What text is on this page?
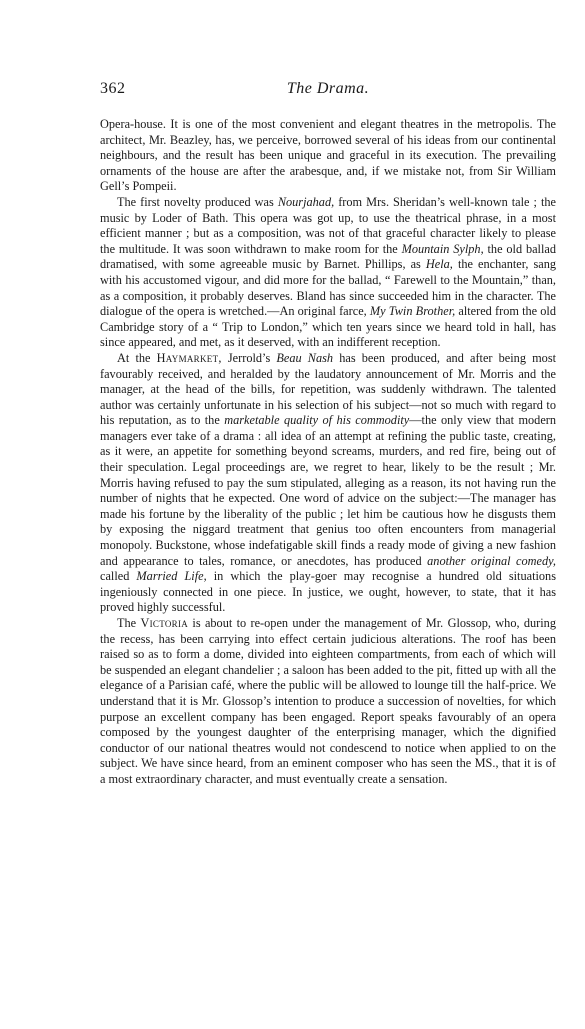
362	The Drama.

Opera-house. It is one of the most convenient and elegant theatres in the metropolis. The architect, Mr. Beazley, has, we perceive, borrowed several of his ideas from our continental neighbours, and the result has been unique and graceful in its execution. The prevailing ornaments of the house are after the arabesque, and, if we mistake not, from Sir William Gell’s Pompeii.

The first novelty produced was Nourjahad, from Mrs. Sheridan’s well-known tale ; the music by Loder of Bath. This opera was got up, to use the theatrical phrase, in a most efficient manner ; but as a composition, was not of that graceful character likely to please the multitude. It was soon withdrawn to make room for the Mountain Sylph, the old ballad dramatised, with some agreeable music by Barnet. Phillips, as Hela, the enchanter, sang with his accustomed vigour, and did more for the ballad, “ Farewell to the Mountain,” than, as a composition, it probably deserves. Bland has since succeeded him in the character. The dialogue of the opera is wretched.—An original farce, My Twin Brother, altered from the old Cambridge story of a “ Trip to London,” which ten years since we heard told in hall, has since appeared, and met, as it deserved, with an indifferent reception.

At the Haymarket, Jerrold’s Beau Nash has been produced, and after being most favourably received, and heralded by the laudatory announcement of Mr. Morris and the manager, at the head of the bills, for repetition, was suddenly withdrawn. The talented author was certainly unfortunate in his selection of his subject—not so much with regard to his reputation, as to the marketable quality of his commodity—the only view that modern managers ever take of a drama : all idea of an attempt at refining the public taste, creating, as it were, an appetite for something beyond screams, murders, and red fire, being out of their speculation. Legal proceedings are, we regret to hear, likely to be the result ; Mr. Morris having refused to pay the sum stipulated, alleging as a reason, its not having run the number of nights that he expected. One word of advice on the subject:—The manager has made his fortune by the liberality of the public ; let him be cautious how he disgusts them by exposing the niggard treatment that genius too often encounters from managerial monopoly. Buckstone, whose indefatigable skill finds a ready mode of giving a new fashion and appearance to tales, romance, or anecdotes, has produced another original comedy, called Married Life, in which the play-goer may recognise a hundred old situations ingeniously connected in one piece. In justice, we ought, however, to state, that it has proved highly successful.

The Victoria is about to re-open under the management of Mr. Glossop, who, during the recess, has been carrying into effect certain judicious alterations. The roof has been raised so as to form a dome, divided into eighteen compartments, from each of which will be suspended an elegant chandelier ; a saloon has been added to the pit, fitted up with all the elegance of a Parisian café, where the public will be allowed to lounge till the half-price. We understand that it is Mr. Glossop’s intention to produce a succession of novelties, for which purpose an excellent company has been engaged. Report speaks favourably of an opera composed by the youngest daughter of the enterprising manager, which the dignified conductor of our national theatres would not condescend to notice when applied to on the subject. We have since heard, from an eminent composer who has seen the MS., that it is of a most extraordinary character, and must eventually create a sensation.
